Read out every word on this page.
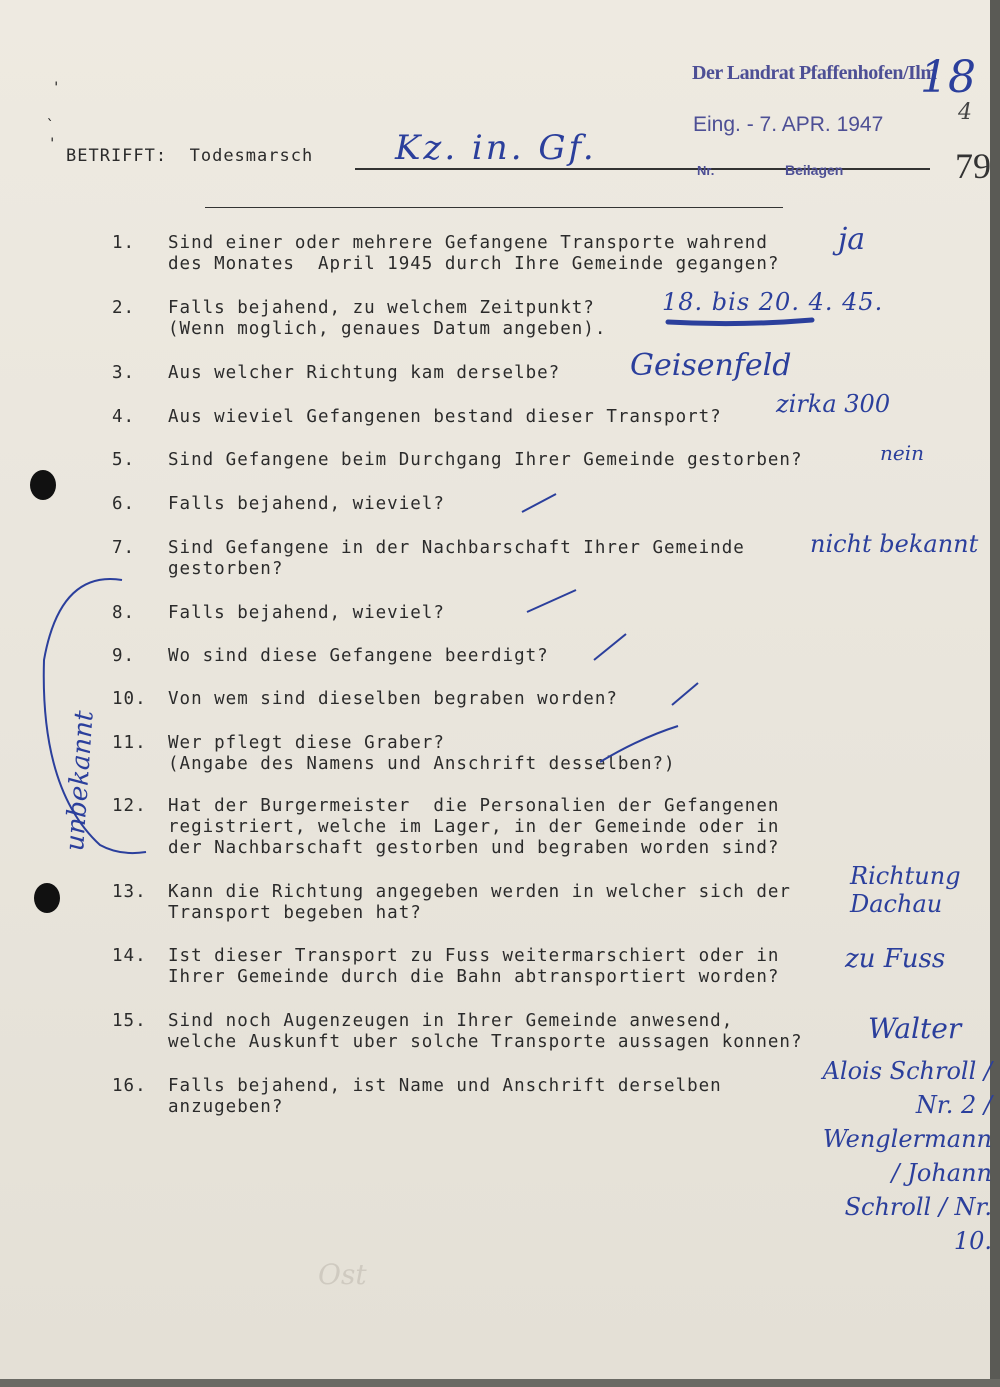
'
`
'
BETRIFFT: Todesmarsch Kz. in. Gf.
Der Landrat Pfaffenhofen/Ilm
Eing. - 7. APR. 1947
Nr.	Beilagen
18
4
79
1. Sind einer oder mehrere Gefangene Transporte wahrend
des Monates  April 1945 durch Ihre Gemeinde gegangen?
2. Falls bejahend, zu welchem Zeitpunkt?
(Wenn moglich, genaues Datum angeben).
3. Aus welcher Richtung kam derselbe?
4. Aus wieviel Gefangenen bestand dieser Transport?
5. Sind Gefangene beim Durchgang Ihrer Gemeinde gestorben?
6. Falls bejahend, wieviel?
7. Sind Gefangene in der Nachbarschaft Ihrer Gemeinde
gestorben?
8. Falls bejahend, wieviel?
9. Wo sind diese Gefangene beerdigt?
10. Von wem sind dieselben begraben worden?
11. Wer pflegt diese Graber?
(Angabe des Namens und Anschrift desselben?)
12. Hat der Burgermeister  die Personalien der Gefangenen
registriert, welche im Lager, in der Gemeinde oder in
der Nachbarschaft gestorben und begraben worden sind?
13. Kann die Richtung angegeben werden in welcher sich der
Transport begeben hat?
14. Ist dieser Transport zu Fuss weitermarschiert oder in
Ihrer Gemeinde durch die Bahn abtransportiert worden?
15. Sind noch Augenzeugen in Ihrer Gemeinde anwesend,
welche Auskunft uber solche Transporte aussagen konnen?
16. Falls bejahend, ist Name und Anschrift derselben
anzugeben?
ja
18. bis 20. 4. 45.
Geisenfeld
zirka 300
nein
nicht bekannt
Richtung Dachau
zu Fuss
Walter
Alois Schroll / Nr. 2 / Wenglermann / Johann Schroll / Nr. 10.
unbekannt
Ost
